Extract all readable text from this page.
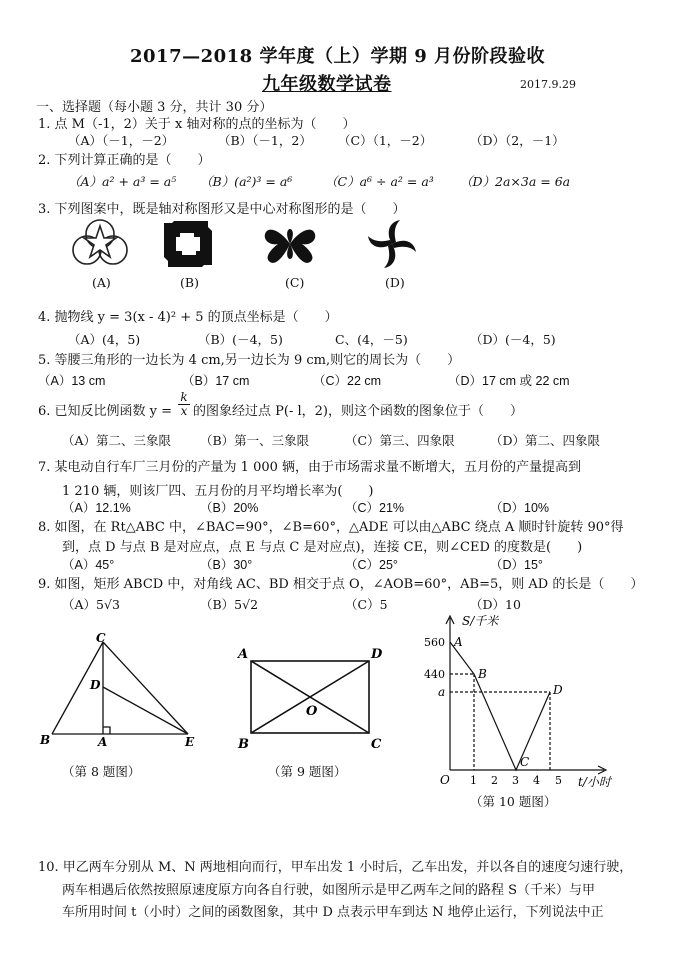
2017—2018 学年度（上）学期 9 月份阶段验收
九年级数学试卷	2017.9.29
一、选择题（每小题 3 分，共计 30 分）
1. 点 M（-1，2）关于 x 轴对称的点的坐标为（　　）
（A）（－1，－2）	（B）（－1，2） （C）（1，－2）	（D）（2，－1）
2. 下列计算正确的是（　　）
（A）a² + a³ = a⁵ （B）(a²)³ = a⁶	（C）a⁶ ÷ a² = a³ （D）2a×3a = 6a
3. 下列图案中，既是轴对称图形又是中心对称图形的是（　　）
(A)	(B)	(C)	(D)
4. 抛物线 y = 3(x - 4)² + 5 的顶点坐标是（　　）
（A）(4，5)	（B）(－4，5)	C、(4，－5)	（D）(－4，5)
5. 等腰三角形的一边长为 4 cm,另一边长为 9 cm,则它的周长为（　　）
（A）13 cm	（B）17 cm	（C）22 cm	（D）17 cm 或 22 cm
6. 已知反比例函数 $y = \frac{k}{x}$ 的图象经过点 P(- l，2)，则这个函数的图象位于（　　）
（A）第二、三象限 （B）第一、三象限	（C）第三、四象限	（D）第二、四象限
7. 某电动自行车厂三月份的产量为 1 000 辆，由于市场需求量不断增大，五月份的产量提高到
1 210 辆，则该厂四、五月份的月平均增长率为(　　)
（A）12.1%	（B）20%	（C）21%	（D）10%
8. 如图，在 Rt△ABC 中，∠BAC=90°，∠B=60°，△ADE 可以由△ABC 绕点 A 顺时针旋转 90°得
到，点 D 与点 B 是对应点，点 E 与点 C 是对应点)，连接 CE，则∠CED 的度数是(　　)
（A）45°	（B）30°	（C）25°	（D）15°
9. 如图，矩形 ABCD 中，对角线 AC、BD 相交于点 O，∠AOB=60°，AB=5，则 AD 的长是（　　）
（A）5√3	（B）5√2	（C）5	（D）10
C
D
B	A	E
（第 8 题图）
A	D
B	C
O
（第 9 题图）
S/千米
t/小时
O
560
440
a
1 2 3 4 5
A
B
C
D
（第 10 题图）
10. 甲乙两车分别从 M、N 两地相向而行，甲车出发 1 小时后，乙车出发，并以各自的速度匀速行驶，
两车相遇后依然按照原速度原方向各自行驶，如图所示是甲乙两车之间的路程 S（千米）与甲
车所用时间 t（小时）之间的函数图象，其中 D 点表示甲车到达 N 地停止运行，下列说法中正
